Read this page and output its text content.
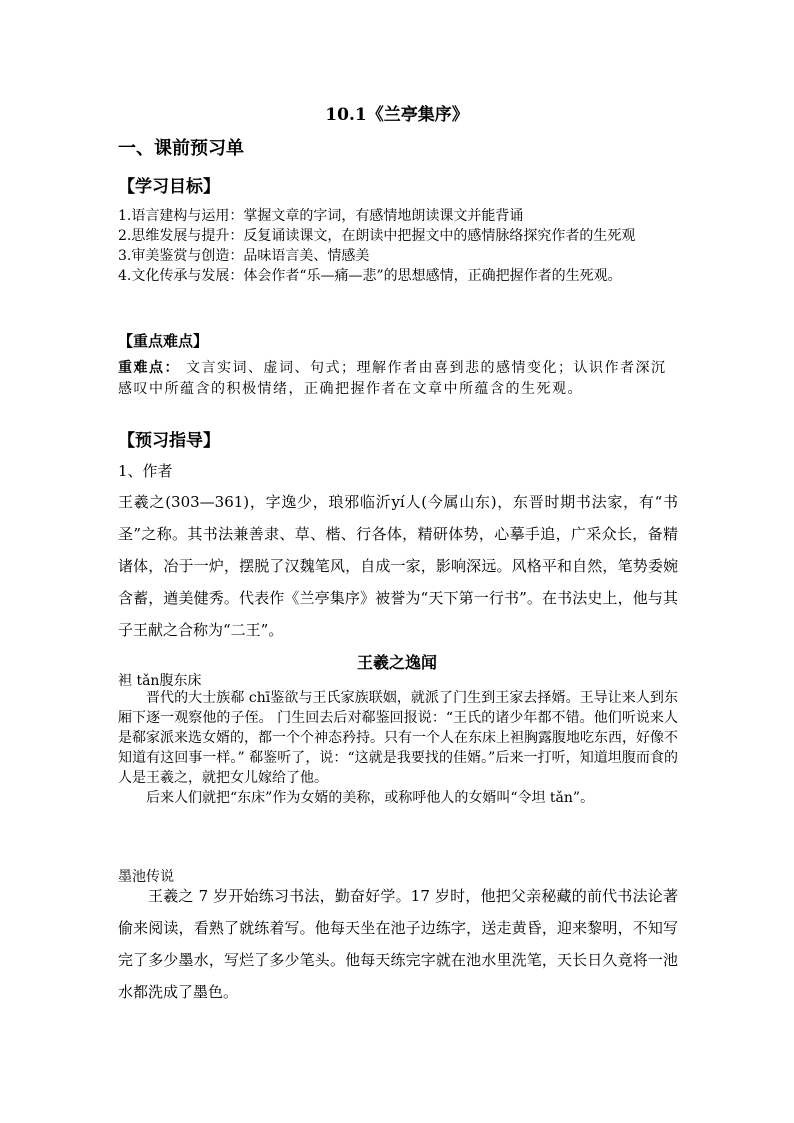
10.1《兰亭集序》
一、课前预习单
【学习目标】
1.语言建构与运用：掌握文章的字词，有感情地朗读课文并能背诵
2.思维发展与提升：反复诵读课文，在朗读中把握文中的感情脉络探究作者的生死观
3.审美鉴赏与创造：品味语言美、情感美
4.文化传承与发展：体会作者“乐—痛—悲”的思想感情，正确把握作者的生死观。
【重点难点】
重难点： 文言实词、虚词、句式；理解作者由喜到悲的感情变化；认识作者深沉感叹中所蕴含的积极情绪，正确把握作者在文章中所蕴含的生死观。
【预习指导】
1、作者
王羲之(303—361)，字逸少，琅邪临沂yí人(今属山东)，东晋时期书法家，有“书圣”之称。其书法兼善隶、草、楷、行各体，精研体势，心摹手追，广采众长，备精诸体，冶于一炉，摆脱了汉魏笔风，自成一家，影响深远。风格平和自然，笔势委婉含蓄，遒美健秀。代表作《兰亭集序》被誉为“天下第一行书”。在书法史上，他与其子王献之合称为“二王”。
王羲之逸闻
袒 tǎn腹东床

晋代的大士族郗 chī鉴欲与王氏家族联姻，就派了门生到王家去择婿。王导让来人到东厢下逐一观察他的子侄。 门生回去后对郗鉴回报说：“王氏的诸少年都不错。他们听说来人是郗家派来选女婿的，都一个个神态矜持。只有一个人在东床上袒胸露腹地吃东西，好像不知道有这回事一样。” 郗鉴听了，说：“这就是我要找的佳婿。”后来一打听，知道坦腹而食的人是王羲之，就把女儿嫁给了他。

后来人们就把“东床”作为女婿的美称，或称呼他人的女婿叫“令坦 tǎn”。

墨池传说
王羲之 7 岁开始练习书法，勤奋好学。17 岁时，他把父亲秘藏的前代书法论著偷来阅读，看熟了就练着写。他每天坐在池子边练字，送走黄昏，迎来黎明，不知写完了多少墨水，写烂了多少笔头。他每天练完字就在池水里洗笔，天长日久竟将一池水都洗成了墨色。
